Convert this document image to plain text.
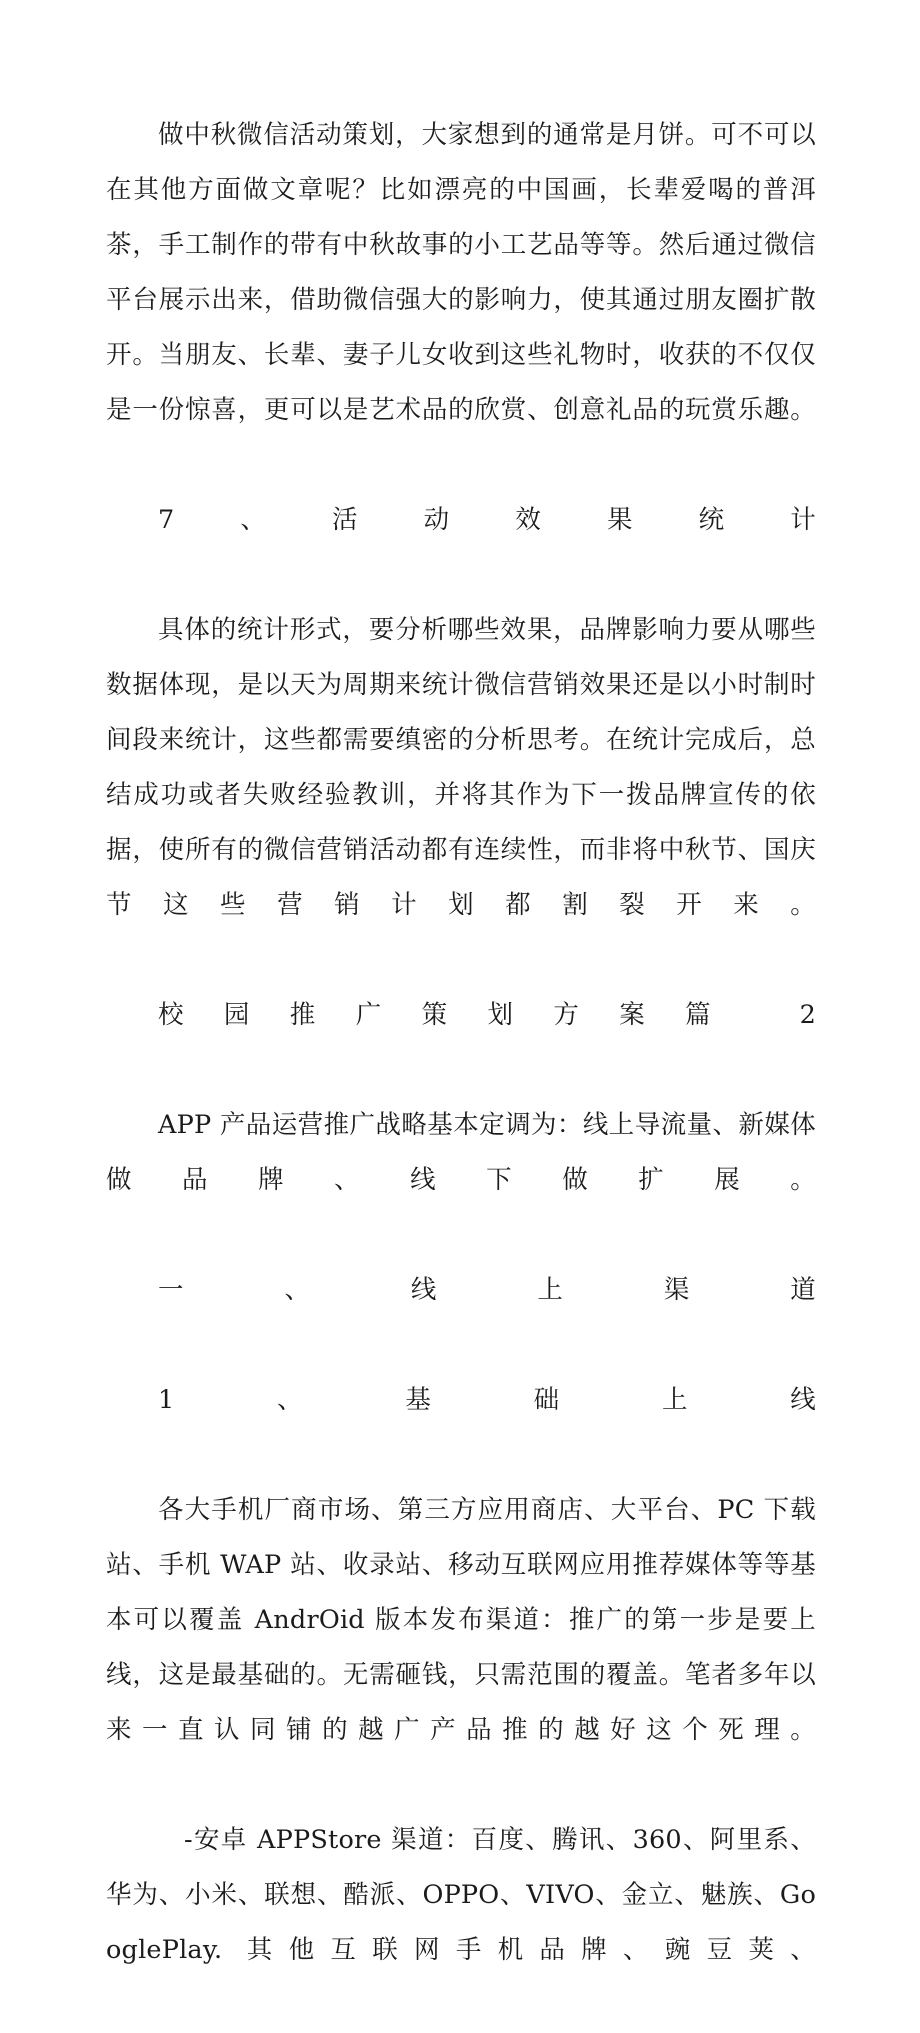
做中秋微信活动策划，大家想到的通常是月饼。可不可以在其他方面做文章呢？比如漂亮的中国画，长辈爱喝的普洱茶，手工制作的带有中秋故事的小工艺品等等。然后通过微信平台展示出来，借助微信强大的影响力，使其通过朋友圈扩散开。当朋友、长辈、妻子儿女收到这些礼物时，收获的不仅仅是一份惊喜，更可以是艺术品的欣赏、创意礼品的玩赏乐趣。

7、活动效果统计

具体的统计形式，要分析哪些效果，品牌影响力要从哪些数据体现，是以天为周期来统计微信营销效果还是以小时制时间段来统计，这些都需要缜密的分析思考。在统计完成后，总结成功或者失败经验教训，并将其作为下一拨品牌宣传的依据，使所有的微信营销活动都有连续性，而非将中秋节、国庆节这些营销计划都割裂开来。

校园推广策划方案篇 2

APP 产品运营推广战略基本定调为：线上导流量、新媒体做品牌、线下做扩展。

一、线上渠道

1、基础上线

各大手机厂商市场、第三方应用商店、大平台、PC 下载站、手机 WAP 站、收录站、移动互联网应用推荐媒体等等基本可以覆盖 AndrOid 版本发布渠道：推广的第一步是要上线，这是最基础的。无需砸钱，只需范围的覆盖。笔者多年以来一直认同铺的越广产品推的越好这个死理。

-安卓 APPStore 渠道：百度、腾讯、360、阿里系、华为、小米、联想、酷派、OPPO、VIVO、金立、魅族、GooglePlay. 其他互联网手机品牌、豌豆荚、
